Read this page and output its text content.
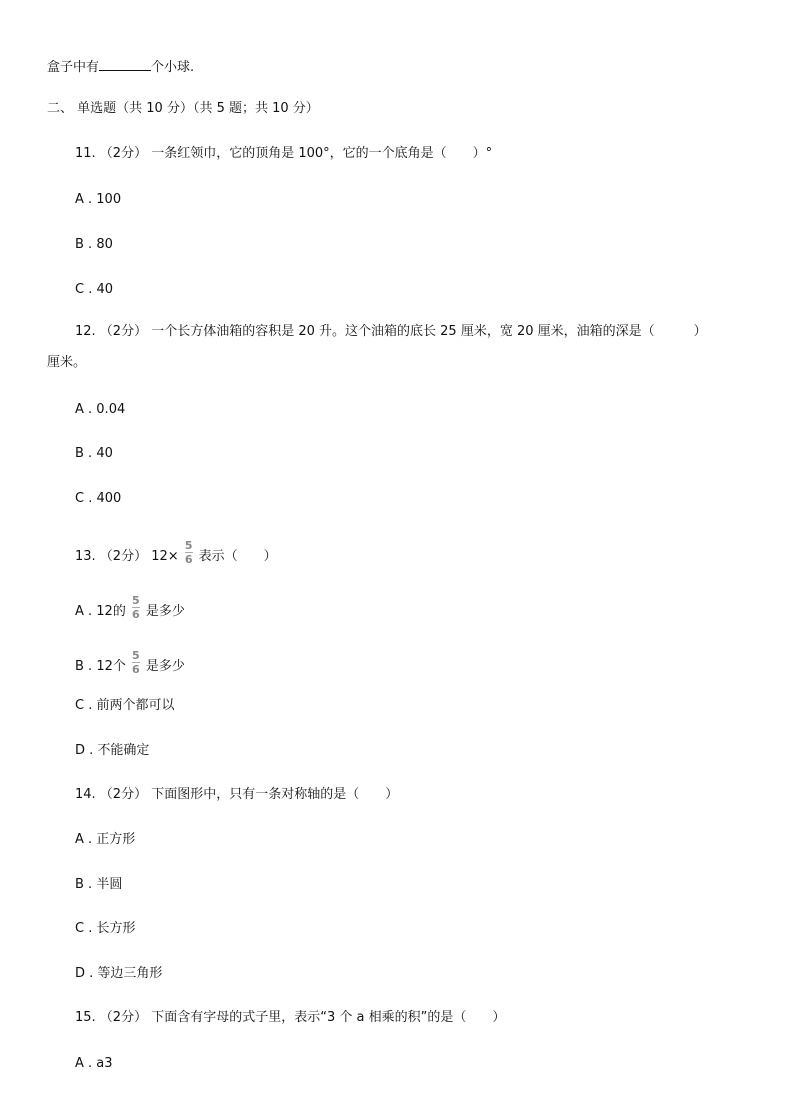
盒子中有	个小球.
二、 单选题（共 10 分）（共 5 题；共 10 分）
11. （2分） 一条红领巾，它的顶角是 100°，它的一个底角是（　　）°
A . 100
B . 80
C . 40
12. （2分） 一个长方体油箱的容积是 20 升。这个油箱的底长 25 厘米，宽 20 厘米，油箱的深是（　　　）
厘米。
A . 0.04
B . 40
C . 400
13. （2分） $12\times \frac{5}{6}$ 表示（　　）
A . 12的 $\frac{5}{6}$ 是多少
B . 12个 $\frac{5}{6}$ 是多少
C . 前两个都可以
D . 不能确定
14. （2分） 下面图形中，只有一条对称轴的是（　　）
A . 正方形
B . 半圆
C . 长方形
D . 等边三角形
15. （2分） 下面含有字母的式子里，表示“3 个 a 相乘的积”的是（　　）
A . a3
